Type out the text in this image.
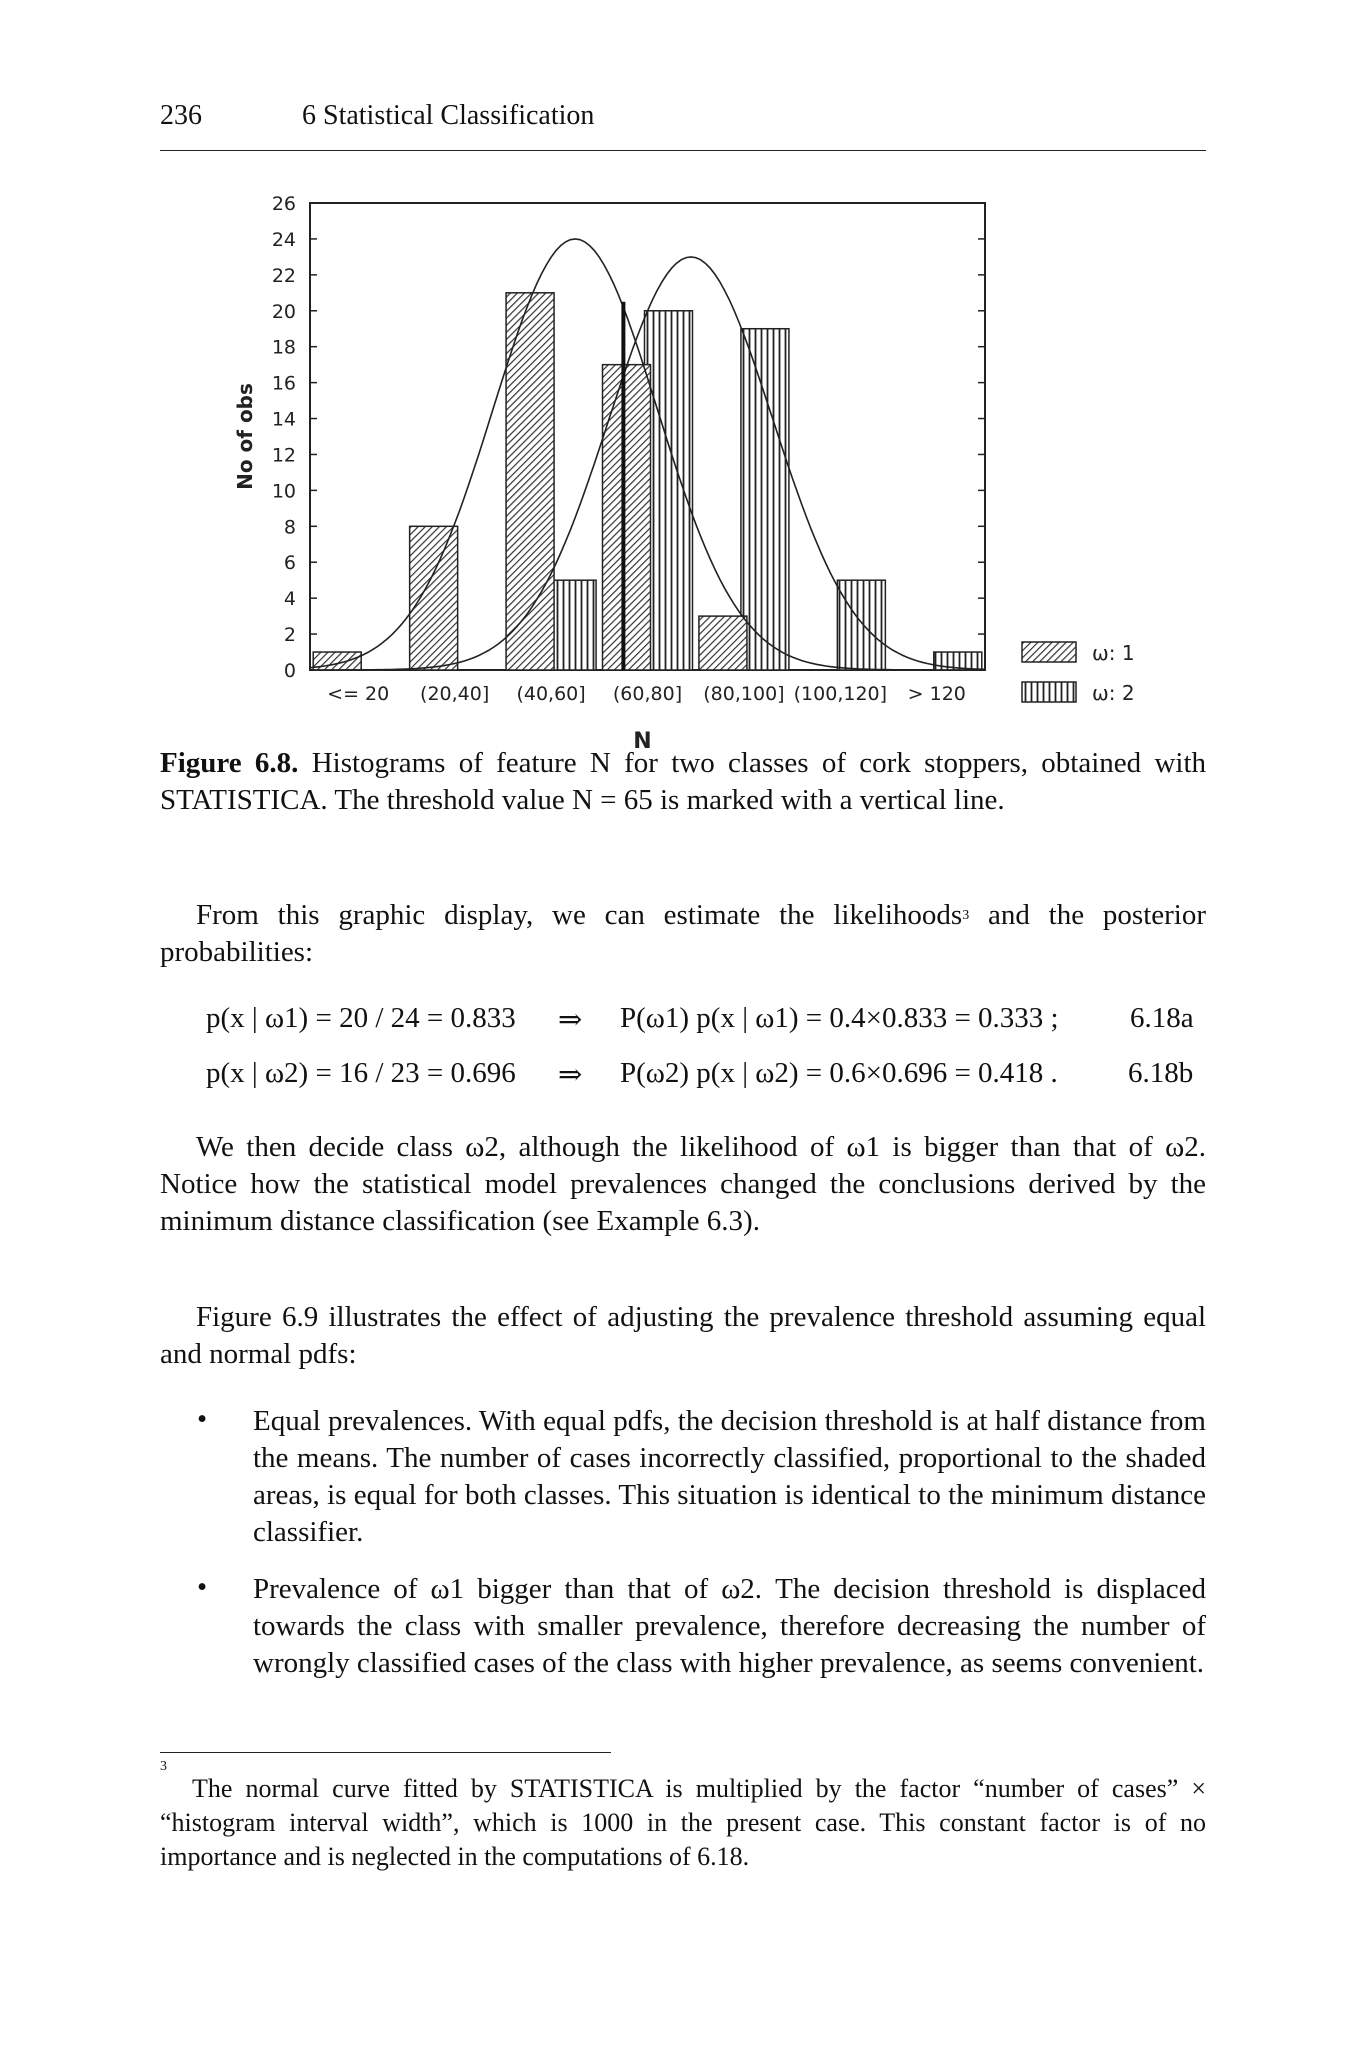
236	6 Statistical Classification
0
2
4
6
8
10
12
14
16
18
20
22
24
26
No of obs
<= 20 (20,40] (40,60] (60,80] (80,100] (100,120] > 120
N
ω: 1
ω: 2
Figure 6.8. Histograms of feature N for two classes of cork stoppers, obtained with STATISTICA. The threshold value N = 65 is marked with a vertical line.
From this graphic display, we can estimate the likelihoods$^3$ and the posterior probabilities:
p(x | ω1) = 20 / 24 = 0.833 ⇒ P(ω1) p(x | ω1) = 0.4×0.833 = 0.333 ; 6.18a
p(x | ω2) = 16 / 23 = 0.696 ⇒ P(ω2) p(x | ω2) = 0.6×0.696 = 0.418 . 6.18b
We then decide class ω2, although the likelihood of ω1 is bigger than that of ω2. Notice how the statistical model prevalences changed the conclusions derived by the minimum distance classification (see Example 6.3).
Figure 6.9 illustrates the effect of adjusting the prevalence threshold assuming equal and normal pdfs:
• Equal prevalences. With equal pdfs, the decision threshold is at half distance from the means. The number of cases incorrectly classified, proportional to the shaded areas, is equal for both classes. This situation is identical to the minimum distance classifier.
• Prevalence of ω1 bigger than that of ω2. The decision threshold is displaced towards the class with smaller prevalence, therefore decreasing the number of wrongly classified cases of the class with higher prevalence, as seems convenient.
3
The normal curve fitted by STATISTICA is multiplied by the factor “number of cases” × “histogram interval width”, which is 1000 in the present case. This constant factor is of no importance and is neglected in the computations of 6.18.
